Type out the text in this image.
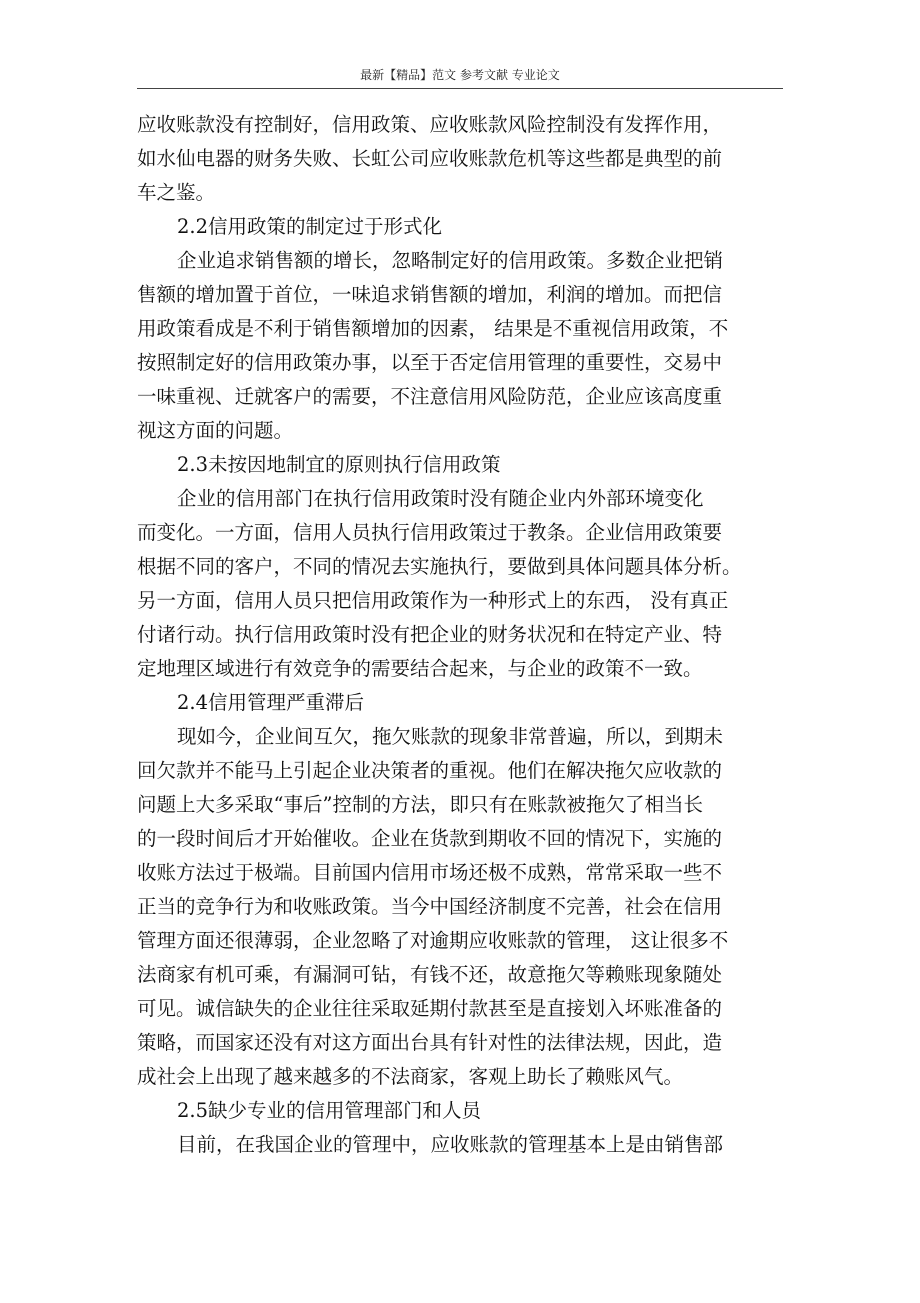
最新【精品】范文 参考文献 专业论文
应收账款没有控制好，信用政策、应收账款风险控制没有发挥作用，
如水仙电器的财务失败、长虹公司应收账款危机等这些都是典型的前
车之鉴。
2.2信用政策的制定过于形式化
企业追求销售额的增长，忽略制定好的信用政策。多数企业把销
售额的增加置于首位，一味追求销售额的增加，利润的增加。而把信
用政策看成是不利于销售额增加的因素， 结果是不重视信用政策，不
按照制定好的信用政策办事，以至于否定信用管理的重要性，交易中
一味重视、迁就客户的需要，不注意信用风险防范，企业应该高度重
视这方面的问题。
2.3未按因地制宜的原则执行信用政策
企业的信用部门在执行信用政策时没有随企业内外部环境变化
而变化。一方面，信用人员执行信用政策过于教条。企业信用政策要
根据不同的客户，不同的情况去实施执行，要做到具体问题具体分析。
另一方面，信用人员只把信用政策作为一种形式上的东西， 没有真正
付诸行动。执行信用政策时没有把企业的财务状况和在特定产业、特
定地理区域进行有效竞争的需要结合起来，与企业的政策不一致。
2.4信用管理严重滞后
现如今，企业间互欠，拖欠账款的现象非常普遍，所以，到期未
回欠款并不能马上引起企业决策者的重视。他们在解决拖欠应收款的
问题上大多采取“事后”控制的方法，即只有在账款被拖欠了相当长
的一段时间后才开始催收。企业在货款到期收不回的情况下，实施的
收账方法过于极端。目前国内信用市场还极不成熟，常常采取一些不
正当的竞争行为和收账政策。当今中国经济制度不完善，社会在信用
管理方面还很薄弱，企业忽略了对逾期应收账款的管理， 这让很多不
法商家有机可乘，有漏洞可钻，有钱不还，故意拖欠等赖账现象随处
可见。诚信缺失的企业往往采取延期付款甚至是直接划入坏账准备的
策略，而国家还没有对这方面出台具有针对性的法律法规，因此，造
成社会上出现了越来越多的不法商家，客观上助长了赖账风气。
2.5缺少专业的信用管理部门和人员
目前，在我国企业的管理中，应收账款的管理基本上是由销售部
